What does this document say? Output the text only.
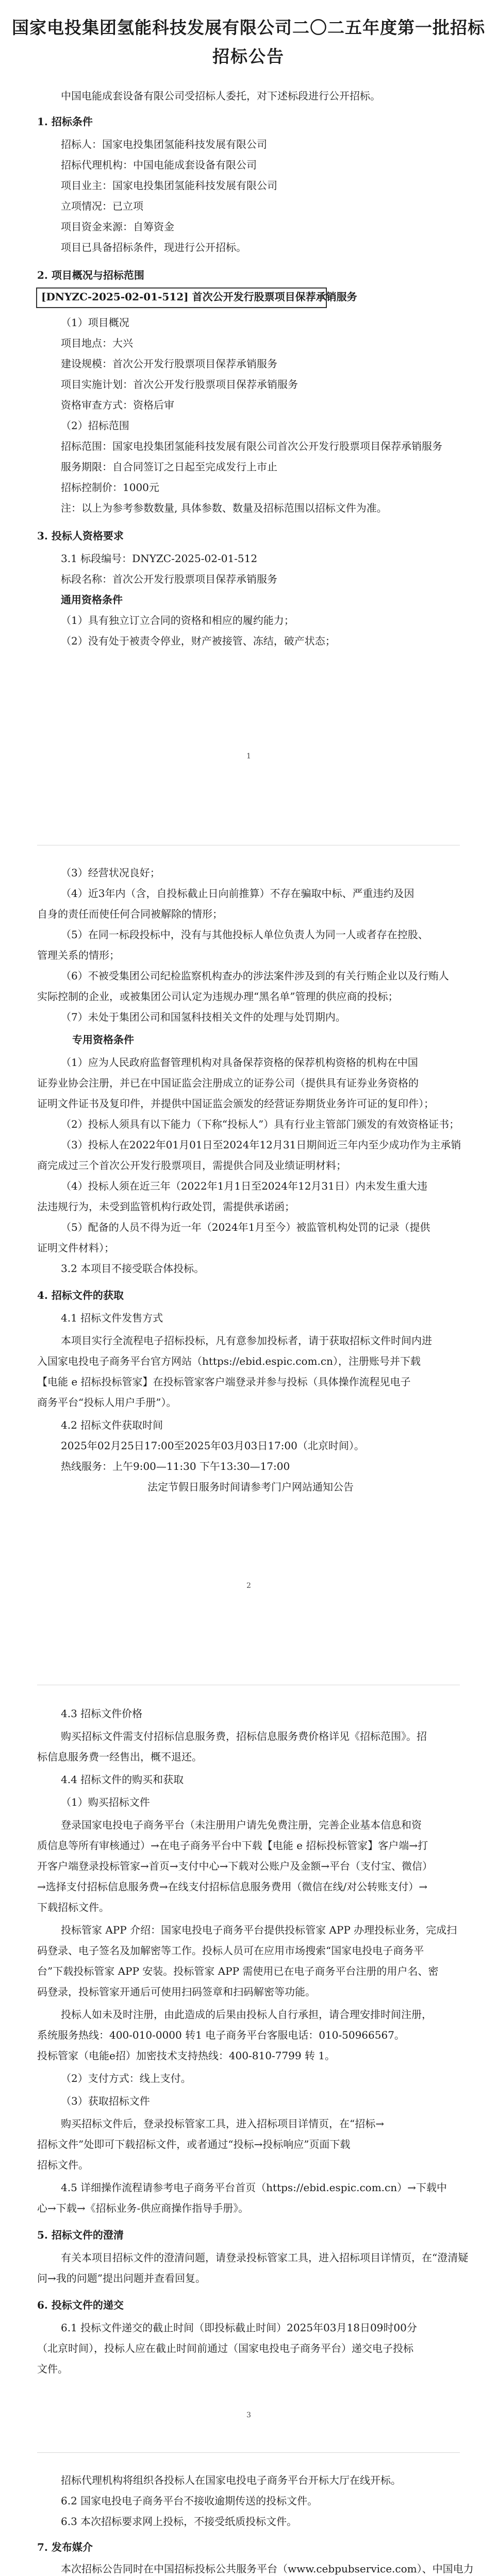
国家电投集团氢能科技发展有限公司二〇二五年度第一批招标
招标公告
中国电能成套设备有限公司受招标人委托，对下述标段进行公开招标。
1. 招标条件
招标人：国家电投集团氢能科技发展有限公司
招标代理机构：中国电能成套设备有限公司
项目业主：国家电投集团氢能科技发展有限公司
立项情况：已立项
项目资金来源：自筹资金
项目已具备招标条件，现进行公开招标。
2. 项目概况与招标范围
[DNYZC-2025-02-01-512] 首次公开发行股票项目保荐承销服务
（1）项目概况
项目地点：大兴
建设规模：首次公开发行股票项目保荐承销服务
项目实施计划：首次公开发行股票项目保荐承销服务
资格审查方式：资格后审
（2）招标范围
招标范围：国家电投集团氢能科技发展有限公司首次公开发行股票项目保荐承销服务
服务期限：自合同签订之日起至完成发行上市止
招标控制价：1000元
注：以上为参考参数数量, 具体参数、数量及招标范围以招标文件为准。
3. 投标人资格要求
3.1 标段编号：DNYZC-2025-02-01-512
标段名称：首次公开发行股票项目保荐承销服务
通用资格条件
（1）具有独立订立合同的资格和相应的履约能力；
（2）没有处于被责令停业，财产被接管、冻结，破产状态；
1
（3）经营状况良好；
（4）近3年内（含，自投标截止日向前推算）不存在骗取中标、严重违约及因
自身的责任而使任何合同被解除的情形；
（5）在同一标段投标中，没有与其他投标人单位负责人为同一人或者存在控股、
管理关系的情形；
（6）不被受集团公司纪检监察机构查办的涉法案件涉及到的有关行贿企业以及行贿人
实际控制的企业，或被集团公司认定为违规办理“黑名单”管理的供应商的投标；
（7）未处于集团公司和国氢科技相关文件的处理与处罚期内。
专用资格条件
（1）应为人民政府监督管理机构对具备保荐资格的保荐机构资格的机构在中国
证券业协会注册，并已在中国证监会注册成立的证券公司（提供具有证券业务资格的
证明文件证书及复印件，并提供中国证监会颁发的经营证券期货业务许可证的复印件）；
（2）投标人须具有以下能力（下称“投标人”）具有行业主管部门颁发的有效资格证书；
（3）投标人在2022年01月01日至2024年12月31日期间近三年内至少成功作为主承销
商完成过三个首次公开发行股票项目，需提供合同及业绩证明材料；
（4）投标人须在近三年（2022年1月1日至2024年12月31日）内未发生重大违
法违规行为，未受到监管机构行政处罚，需提供承诺函；
（5）配备的人员不得为近一年（2024年1月至今）被监管机构处罚的记录（提供
证明文件材料）；
3.2 本项目不接受联合体投标。
4. 招标文件的获取
4.1 招标文件发售方式
本项目实行全流程电子招标投标，凡有意参加投标者，请于获取招标文件时间内进
入国家电投电子商务平台官方网站（https://ebid.espic.com.cn），注册账号并下载
【电能 e 招标投标管家】在投标管家客户端登录并参与投标（具体操作流程见电子
商务平台“投标人用户手册”）。
4.2 招标文件获取时间
2025年02月25日17:00至2025年03月03日17:00（北京时间）。
热线服务：上午9:00—11:30 下午13:30—17:00
法定节假日服务时间请参考门户网站通知公告
2
4.3 招标文件价格
购买招标文件需支付招标信息服务费，招标信息服务费价格详见《招标范围》。招
标信息服务费一经售出，概不退还。
4.4 招标文件的购买和获取
（1）购买招标文件
登录国家电投电子商务平台（未注册用户请先免费注册，完善企业基本信息和资
质信息等所有审核通过）→在电子商务平台中下载【电能 e 招标投标管家】客户端→打
开客户端登录投标管家→首页→支付中心→下载对公账户及金额→平台（支付宝、微信）
→选择支付招标信息服务费→在线支付招标信息服务费用（微信在线/对公转账支付）→
下载招标文件。
投标管家 APP 介绍：国家电投电子商务平台提供投标管家 APP 办理投标业务，完成扫
码登录、电子签名及加解密等工作。投标人员可在应用市场搜索“国家电投电子商务平
台”下载投标管家 APP 安装。投标管家 APP 需使用已在电子商务平台注册的用户名、密
码登录，投标管家开通后可使用扫码签章和扫码解密等功能。
投标人如未及时注册，由此造成的后果由投标人自行承担，请合理安排时间注册，
系统服务热线：400-010-0000 转1 电子商务平台客服电话：010-50966567。
投标管家（电能e招）加密技术支持热线：400-810-7799 转 1。
（2）支付方式：线上支付。
（3）获取招标文件
购买招标文件后，登录投标管家工具，进入招标项目详情页，在“招标→
招标文件”处即可下载招标文件，或者通过“投标→投标响应”页面下载
招标文件。
4.5 详细操作流程请参考电子商务平台首页（https://ebid.espic.com.cn）→下载中
心→下载→《招标业务-供应商操作指导手册》。
5. 招标文件的澄清
有关本项目招标文件的澄清问题，请登录投标管家工具，进入招标项目详情页，在“澄清疑
问→我的问题”提出问题并查看回复。
6. 投标文件的递交
6.1 投标文件递交的截止时间（即投标截止时间）2025年03月18日09时00分
（北京时间），投标人应在截止时间前通过（国家电投电子商务平台）递交电子投标
文件。
3
招标代理机构将组织各投标人在国家电投电子商务平台开标大厅在线开标。
6.2 国家电投电子商务平台不接收逾期传送的投标文件。
6.3 本次招标要求网上投标，不接受纸质投标文件。
7. 发布媒介
本次招标公告同时在中国招标投标公共服务平台（www.cebpubservice.com）、中国电力
